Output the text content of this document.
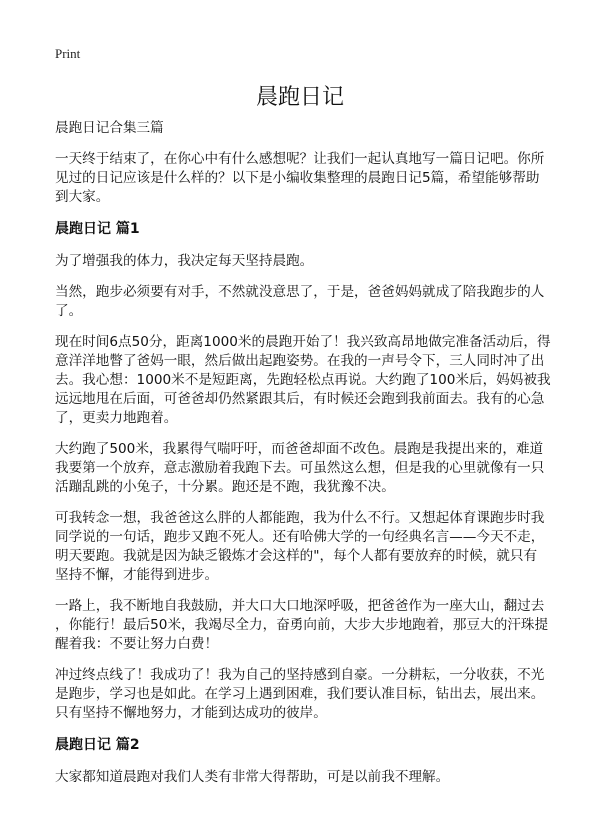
Print
晨跑日记
晨跑日记合集三篇
一天终于结束了，在你心中有什么感想呢？让我们一起认真地写一篇日记吧。你所
见过的日记应该是什么样的？以下是小编收集整理的晨跑日记5篇，希望能够帮助
到大家。
晨跑日记 篇1
为了增强我的体力，我决定每天坚持晨跑。
当然，跑步必须要有对手，不然就没意思了，于是，爸爸妈妈就成了陪我跑步的人
了。
现在时间6点50分，距离1000米的晨跑开始了！我兴致高昂地做完准备活动后，得
意洋洋地瞥了爸妈一眼，然后做出起跑姿势。在我的一声号令下，三人同时冲了出
去。我心想：1000米不是短距离，先跑轻松点再说。大约跑了100米后，妈妈被我
远远地甩在后面，可爸爸却仍然紧跟其后，有时候还会跑到我前面去。我有的心急
了，更卖力地跑着。
大约跑了500米，我累得气喘吁吁，而爸爸却面不改色。晨跑是我提出来的，难道
我要第一个放弃，意志激励着我跑下去。可虽然这么想，但是我的心里就像有一只
活蹦乱跳的小兔子，十分累。跑还是不跑，我犹豫不决。
可我转念一想，我爸爸这么胖的人都能跑，我为什么不行。又想起体育课跑步时我
同学说的一句话，跑步又跑不死人。还有哈佛大学的一句经典名言——今天不走，
明天要跑。我就是因为缺乏锻炼才会这样的"，每个人都有要放弃的时候，就只有
坚持不懈，才能得到进步。
一路上，我不断地自我鼓励，并大口大口地深呼吸，把爸爸作为一座大山，翻过去
，你能行！最后50米，我竭尽全力，奋勇向前，大步大步地跑着，那豆大的汗珠提
醒着我：不要让努力白费！
冲过终点线了！我成功了！我为自己的坚持感到自豪。一分耕耘，一分收获，不光
是跑步，学习也是如此。在学习上遇到困难，我们要认准目标，钻出去，展出来。
只有坚持不懈地努力，才能到达成功的彼岸。
晨跑日记 篇2
大家都知道晨跑对我们人类有非常大得帮助，可是以前我不理解。
